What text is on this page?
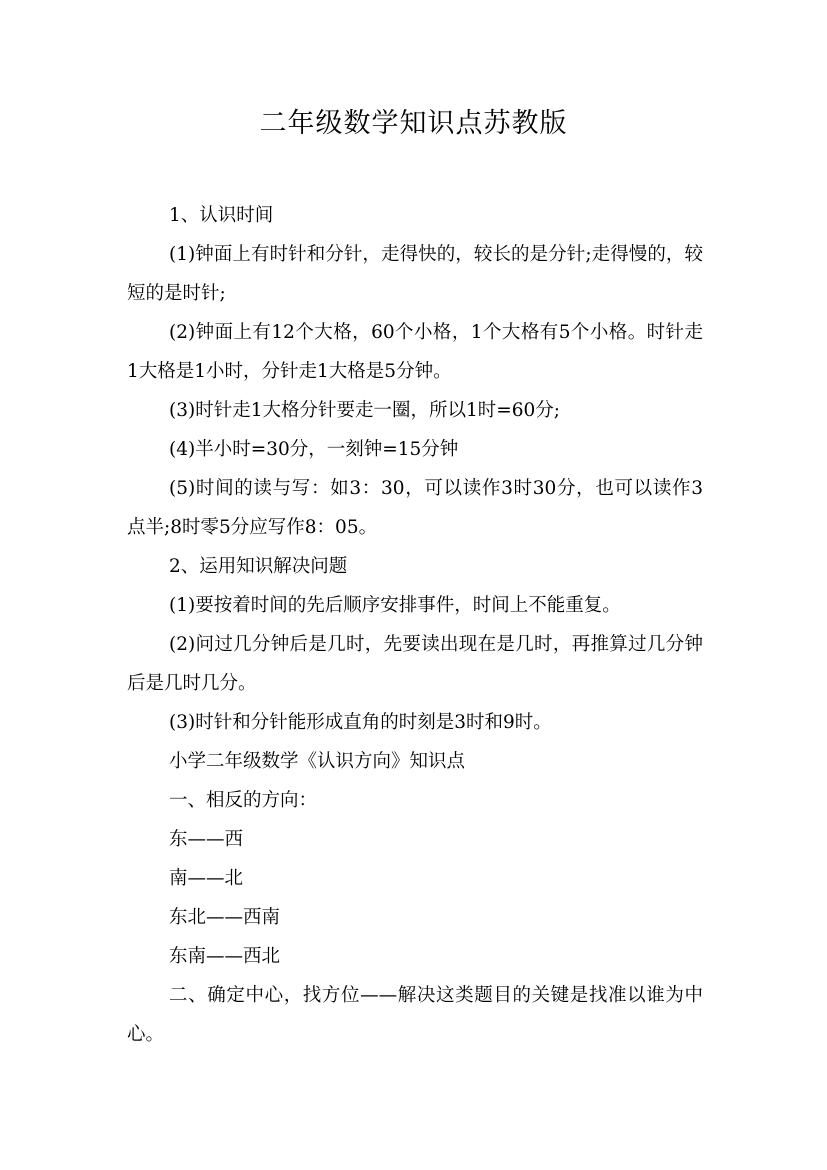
二年级数学知识点苏教版

1、认识时间

(1)钟面上有时针和分针，走得快的，较长的是分针;走得慢的，较短的是时针;

(2)钟面上有12个大格，60个小格，1个大格有5个小格。时针走1大格是1小时，分针走1大格是5分钟。

(3)时针走1大格分针要走一圈，所以1时=60分;

(4)半小时=30分，一刻钟=15分钟

(5)时间的读与写：如3：30，可以读作3时30分，也可以读作3点半;8时零5分应写作8：05。

2、运用知识解决问题

(1)要按着时间的先后顺序安排事件，时间上不能重复。

(2)问过几分钟后是几时，先要读出现在是几时，再推算过几分钟后是几时几分。

(3)时针和分针能形成直角的时刻是3时和9时。

小学二年级数学《认识方向》知识点

一、相反的方向：

东——西

南——北

东北——西南

东南——西北

二、确定中心，找方位——解决这类题目的关键是找准以谁为中心。
